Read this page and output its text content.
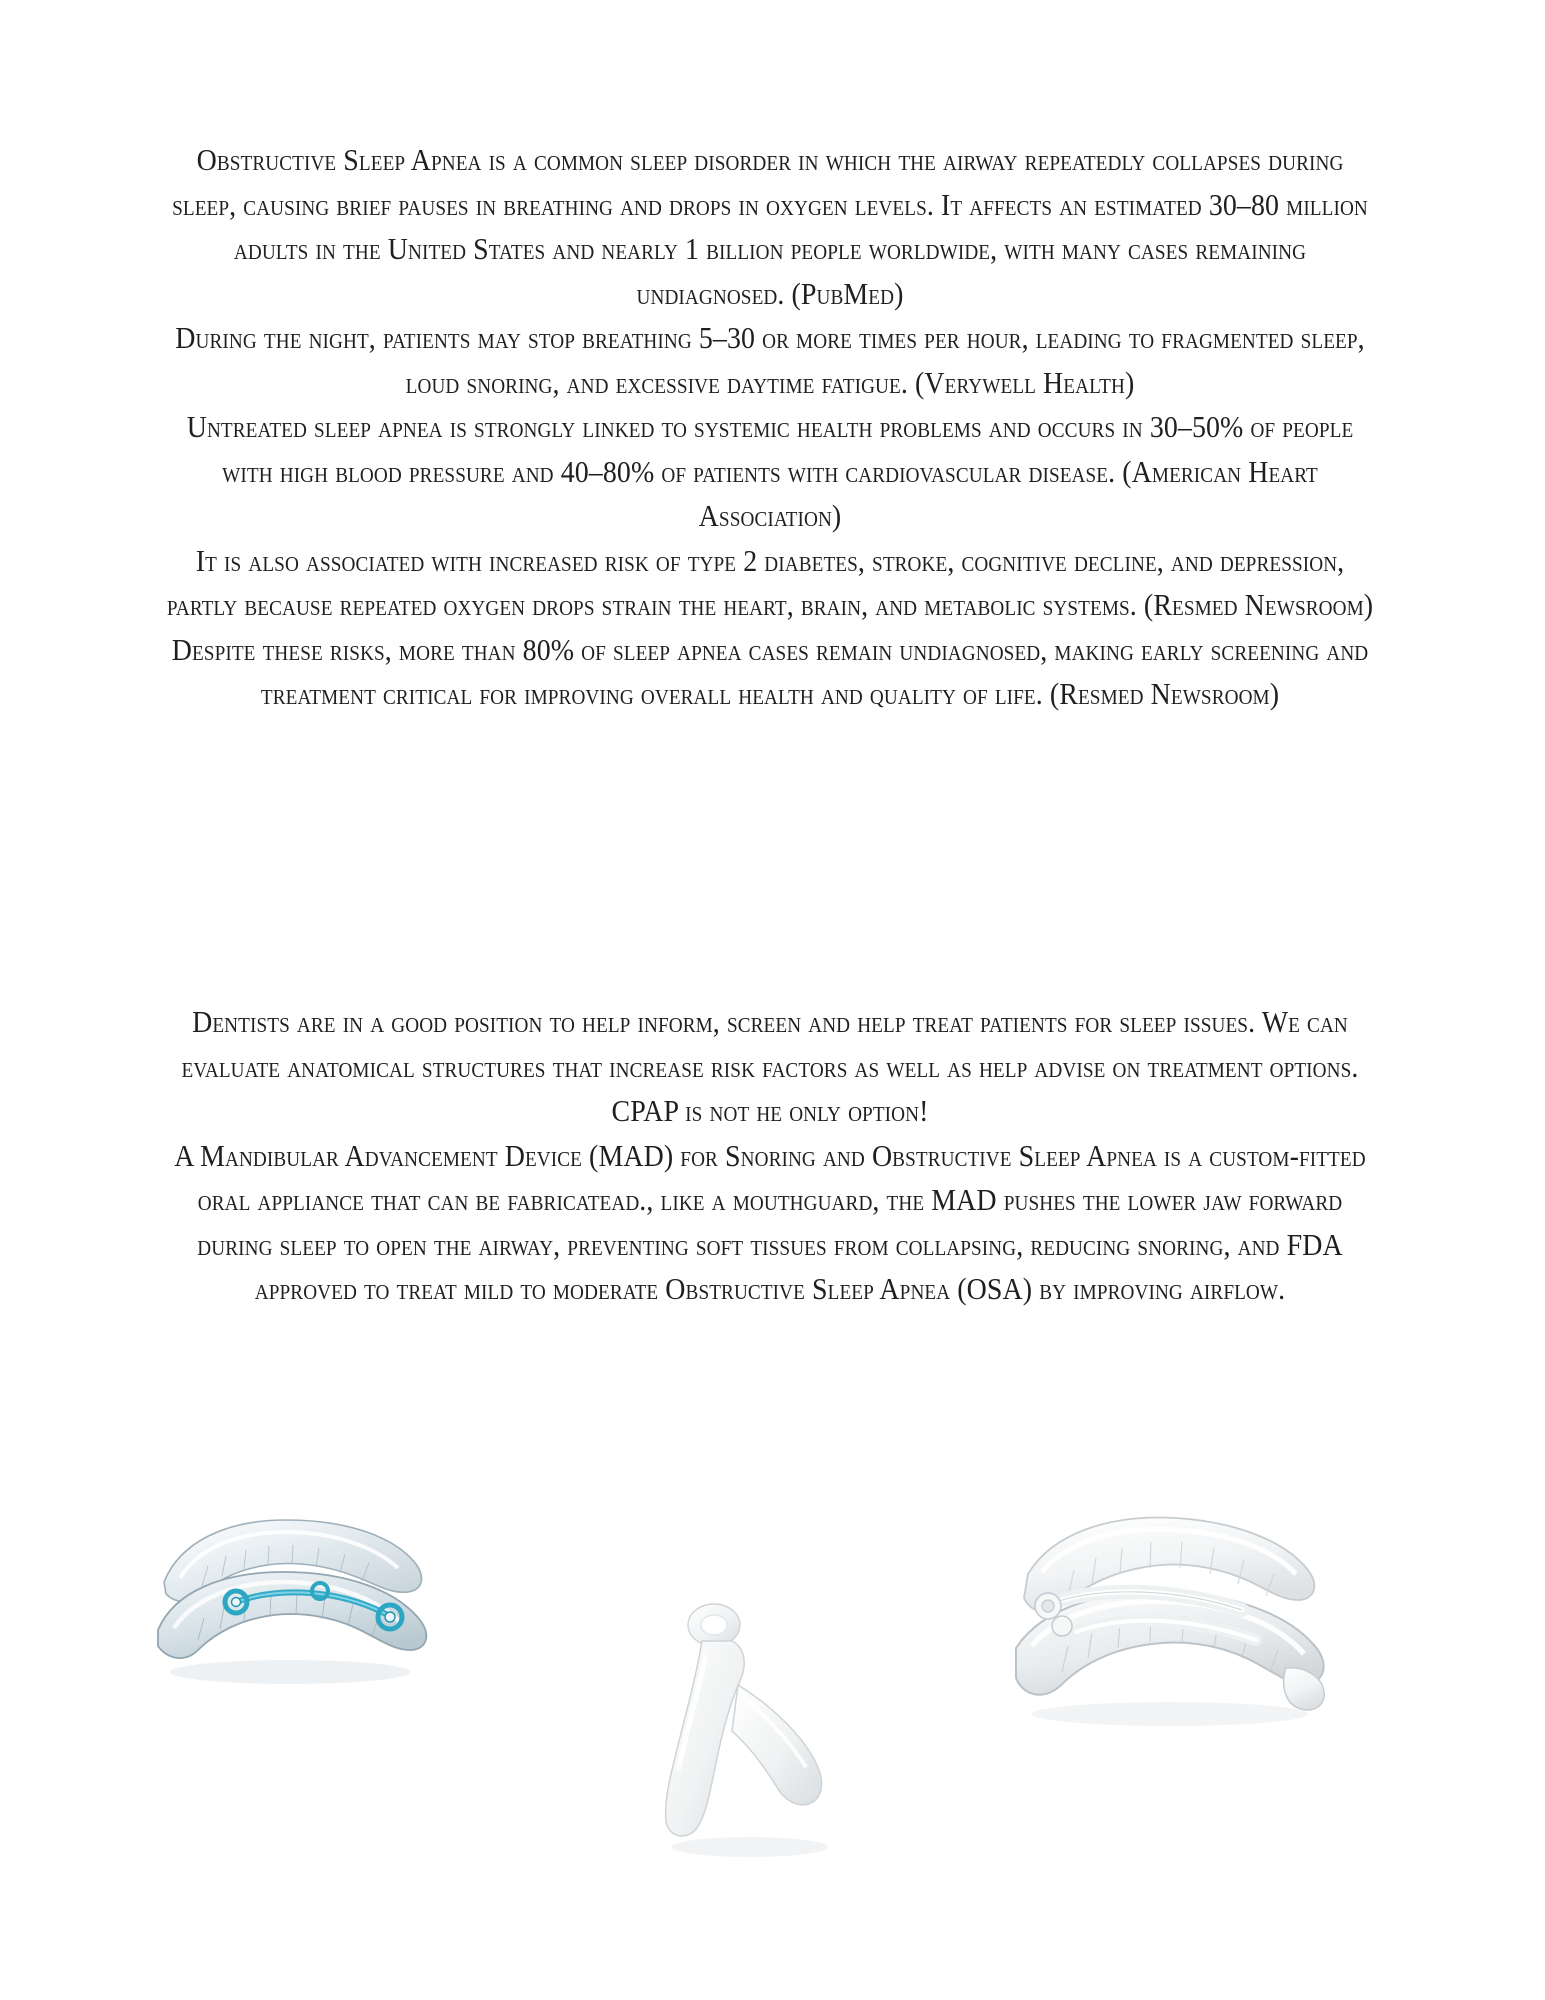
Obstructive Sleep Apnea is a common sleep disorder in which the airway repeatedly collapses during sleep, causing brief pauses in breathing and drops in oxygen levels. It affects an estimated 30–80 million adults in the United States and nearly 1 billion people worldwide, with many cases remaining undiagnosed. (PubMed)

During the night, patients may stop breathing 5–30 or more times per hour, leading to fragmented sleep, loud snoring, and excessive daytime fatigue. (Verywell Health)

Untreated sleep apnea is strongly linked to systemic health problems and occurs in 30–50% of people with high blood pressure and 40–80% of patients with cardiovascular disease. (American Heart Association)

It is also associated with increased risk of type 2 diabetes, stroke, cognitive decline, and depression, partly because repeated oxygen drops strain the heart, brain, and metabolic systems. (Resmed Newsroom)

Despite these risks, more than 80% of sleep apnea cases remain undiagnosed, making early screening and treatment critical for improving overall health and quality of life. (Resmed Newsroom)

Dentists are in a good position to help inform, screen and help treat patients for sleep issues. We can evaluate anatomical structures that increase risk factors as well as help advise on treatment options. CPAP is not he only option!

A Mandibular Advancement Device (MAD) for Snoring and Obstructive Sleep Apnea is a custom-fitted oral appliance that can be fabricatead., like a mouthguard, the MAD pushes the lower jaw forward during sleep to open the airway, preventing soft tissues from collapsing, reducing snoring, and FDA approved to treat mild to moderate Obstructive Sleep Apnea (OSA) by improving airflow.
